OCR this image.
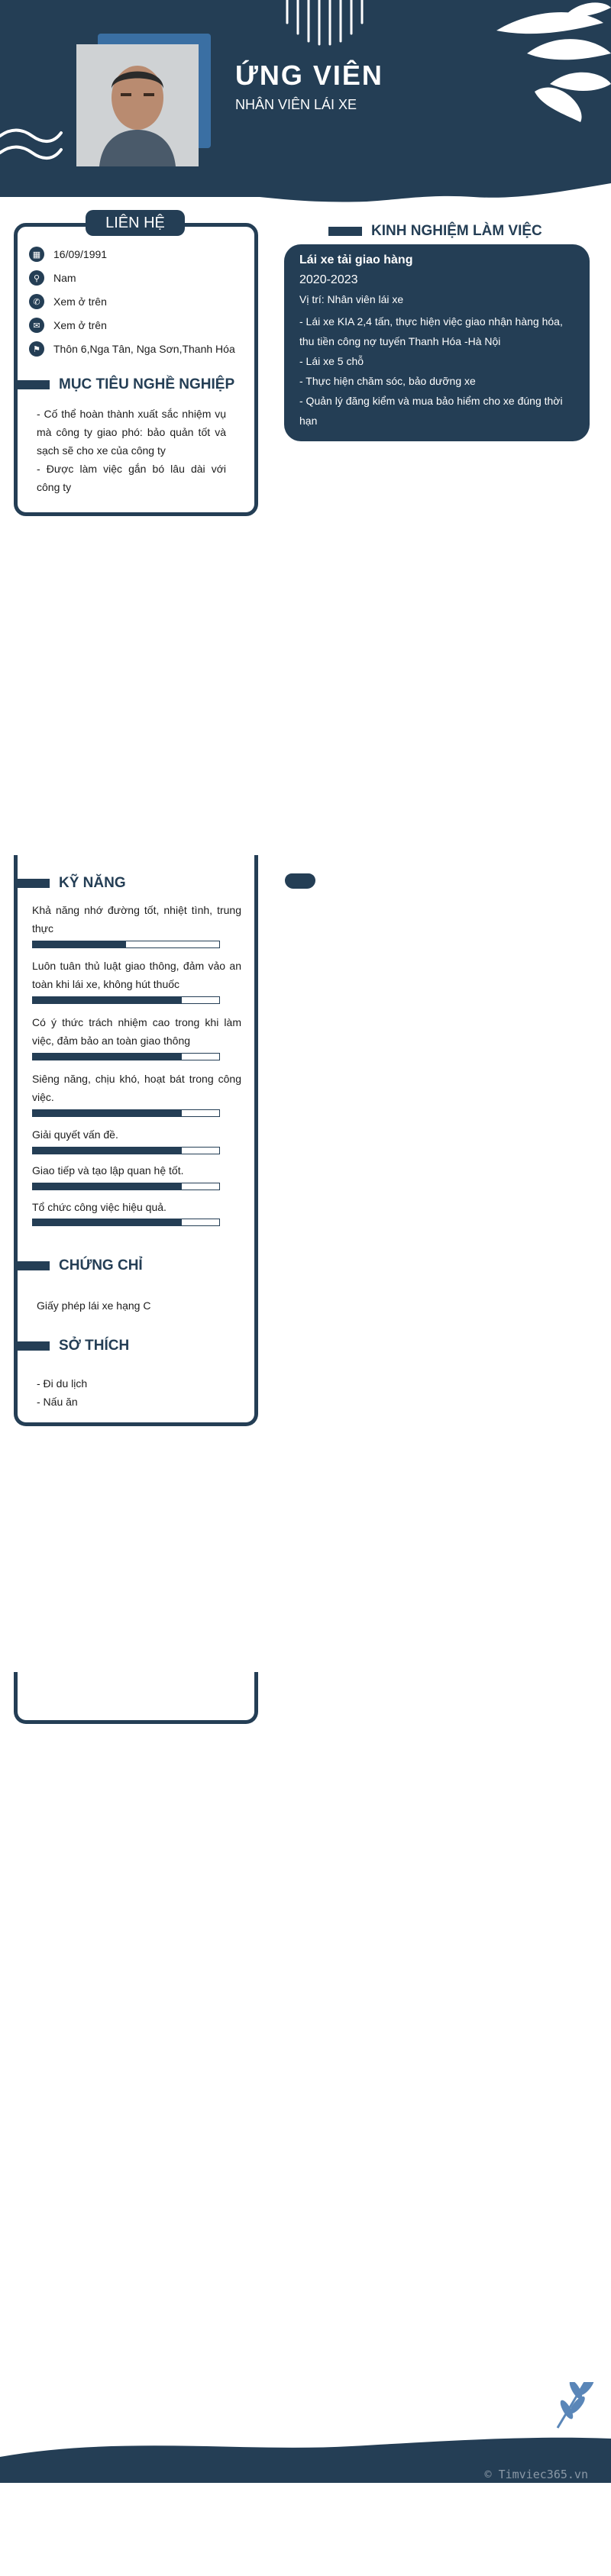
ỨNG VIÊN
NHÂN VIÊN LÁI XE
LIÊN HỆ
▦	16/09/1991
⚲	Nam
✆	Xem ở trên
✉	Xem ở trên
⚑	Thôn 6,Nga Tân, Nga Sơn,Thanh Hóa
MỤC TIÊU NGHỀ NGHIỆP
- Cố thể hoàn thành xuất sắc nhiệm vụ mà công ty giao phó: bảo quản tốt và sạch sẽ cho xe của công ty
- Được làm việc gắn bó lâu dài với công ty
KINH NGHIỆM LÀM VIỆC
Lái xe tải giao hàng
2020-2023
Vị trí: Nhân viên lái xe
- Lái xe KIA 2,4 tấn, thực hiện việc giao nhận hàng hóa, thu tiền công nợ tuyến Thanh Hóa -Hà Nội
- Lái xe 5 chỗ
- Thực hiện chăm sóc, bảo dưỡng xe
- Quản lý đăng kiểm và mua bảo hiểm cho xe đúng thời hạn
KỸ NĂNG
Khả năng nhớ đường tốt, nhiệt tình, trung thực
Luôn tuân thủ luật giao thông, đảm vảo an toàn khi lái xe, không hút thuốc
Có ý thức trách nhiệm cao trong khi làm việc, đảm bảo an toàn giao thông
Siêng năng, chịu khó, hoạt bát trong công việc.
Giải quyết vấn đề.
Giao tiếp và tạo lập quan hệ tốt.
Tổ chức công việc hiệu quả.
CHỨNG CHỈ
Giấy phép lái xe hạng C
SỞ THÍCH
- Đi du lịch
- Nấu ăn
© Timviec365.vn
